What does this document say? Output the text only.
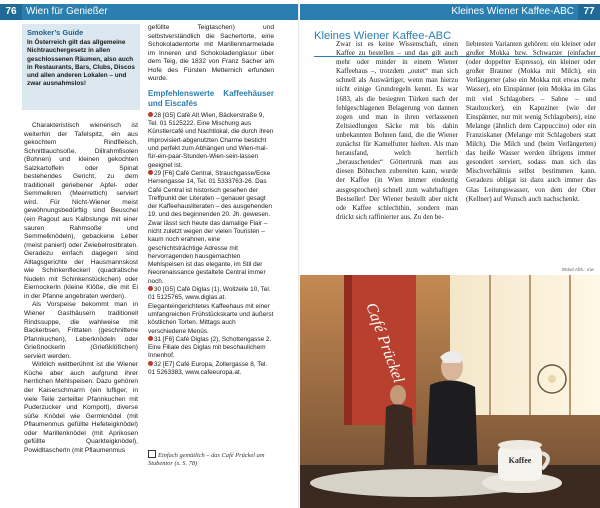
76 Wien für Genießer
Smoker’s Guide

In Österreich gilt das allgemeine Nichtrauchergesetz in allen geschlossenen Räumen, also auch in Restaurants, Bars, Clubs, Discos und allen anderen Lokalen – und zwar ausnahmslos!

Charakteristisch wienerisch ist weiterhin der Tafelspitz, ein aus gekochtem Rindfleisch, Schnittlauchsoße, Dillrahmfisolen (Bohnen) und kleinen gekochten Salzkartoffeln oder Spinat bestehendes Gericht, zu dem traditionell geriebener Apfel- oder Semmelkren (Meerrettich) serviert wird. Für Nicht-Wiener meist gewöhnungsbedürftig sind Beuschel (ein Ragout aus Kalbslunge mit einer sauren Rahmsoße und Semmelknödeln), gebackene Leber (meist paniert) oder Zwiebelrostbraten. Geradezu einfach dagegen sind Alltagsgerichte der Hausmannskost wie Schinkenfleckerl (quadratische Nudeln mit Schinkenstückchen) oder Eiernockerln (kleine Klöße, die mit Ei in der Pfanne angebraten werden).

Als Vorspeise bekommt man in Wiener Gasthäusern traditionell Rindssuppe, die wahlweise mit Backerbsen, Frittaten (geschnittene Pfannkuchen), Leberknödeln oder Grießnockerln (Grießklößchen) serviert werden.

Wirklich weltberühmt ist die Wiener Küche aber auch aufgrund ihrer herrlichen Mehlspeisen. Dazu gehören der Kaiserschmarrn (ein luftiger, in viele Teile zerteilter Pfannkuchen mit Puderzucker und Kompott), diverse süße Knödel wie Germknödel (mit Pflaumenmus gefüllte Hefeteigknödel) oder Marillenknödel (mit Aprikosen gefüllte Quarkteigknödel), Powidltascherln (mit Pflaumenmus

gefüllte Teigtaschen) und selbstverständlich die Sachertorte, eine Schokoladentorte mit Marillenmarmelade im Inneren und Schokoladenglasur über dem Teig, die 1832 von Franz Sacher am Hofe des Fürsten Metternich erfunden wurde.

Empfehlenswerte Kaffeehäuser und Eiscafés

28 [G5] Café Alt Wien, Bäckerstraße 9, Tel. 01 5125222. Eine Mischung aus Künstlercafé und Nachtlokal, die durch ihren improvisiert-abgenutzten Charme besticht und perfekt zum Abhängen und Wien-mal-für-ein-paar-Stunden-Wien-sein-lassen geeignet ist.

29 [F6] Café Central, Strauchgasse/Ecke Herrengasse 14, Tel. 01 5333763-26. Das Café Central ist historisch gesehen der Treffpunkt der Literaten – genauer gesagt der Kaffeehausliteraten – des ausgehenden 19. und des beginnenden 20. Jh. gewesen. Zwar lässt sich heute das damalige Flair – nicht zuletzt wegen der vielen Touristen – kaum noch erahnen, eine geschichtsträchtige Adresse mit hervorragenden hausgemachten Mehlspeisen ist das elegante, im Stil der Neorenaissance gestaltete Central immer noch.

30 [G5] Café Diglas (1), Wollzeile 10, Tel. 01 5125765, www.diglas.at. Eleganteingerichtetes Kaffeehaus mit einer umfangreichen Frühstückskarte und äußerst köstlichen Torten. Mittags auch verschiedene Menüs.

31 [F6] Café Diglas (2), Schottengasse 2. Eine Filiale des Diglas mit beschaulichem Innenhof.

32 [E7] Café Europa, Zollergasse 8, Tel. 01 5263383, www.cafeeuropa.at.

Einfach gemütlich – das Café Prückel am Stubentor (s. S. 78)
Kleines Wiener Kaffee-ABC 77
Kleines Wiener Kaffee-ABC

Zwar ist es keine Wissenschaft, einen Kaffee zu bestellen – und das gilt auch mehr oder minder in einem Wiener Kaffeehaus –, trotzdem „outet“ man sich schnell als Auswärtiger, wenn man hierzu nicht einige Grundregeln kennt. Es war 1683, als die besiegten Türken nach der fehlgeschlagenen Belagerung von dannen zogen und man in ihren verlassenen Zeltsiedlungen Säcke mit bis dahin unbekannten Bohnen fand, die die Wiener zunächst für Kamelfutter hielten. Als man herausfand, welch herrlich „berauschendes“ Göttertrunk man aus diesen Böhnchen zubereiten kann, wurde der Kaffee (in Wien immer eindeutig ausgesprochen) schnell zum wahrhaftigen Bestseller! Der Wiener bestellt aber nicht ode Kaffee schlechthin, sondern man drückt sich raffinierter aus. Zu den be-

liebtesten Varianten gehören: ein kleiner oder großer Mokka bzw. Schwarzer (einfacher (oder doppelter Espresso), ein kleiner oder großer Brauner (Mokka mit Milch), ein Verlängerter (also ein Mokka mit etwas mehr Wasser), ein Einspänner (ein Mokka im Glas mit viel Schlagobers – Sahne – und Staubzucker), ein Kapuziner (wie der Einspänner, nur mit wenig Schlagobers), eine Melange (ähnlich dem Cappuccino) oder ein Franziskaner (Melange mit Schlagobers statt Milch). Die Milch und (beim Verlängerten) das heiße Wasser werden übrigens immer gesondert serviert, sodass man sich das Mischverhältnis selbst bestimmen kann. Geradezu obligat ist dazu auch immer das Glas Leitungswasser, von dem der Ober (Kellner) auf Wunsch auch nachschenkt.

053wl Abb.: mw
Café Prückel
Kaffee
